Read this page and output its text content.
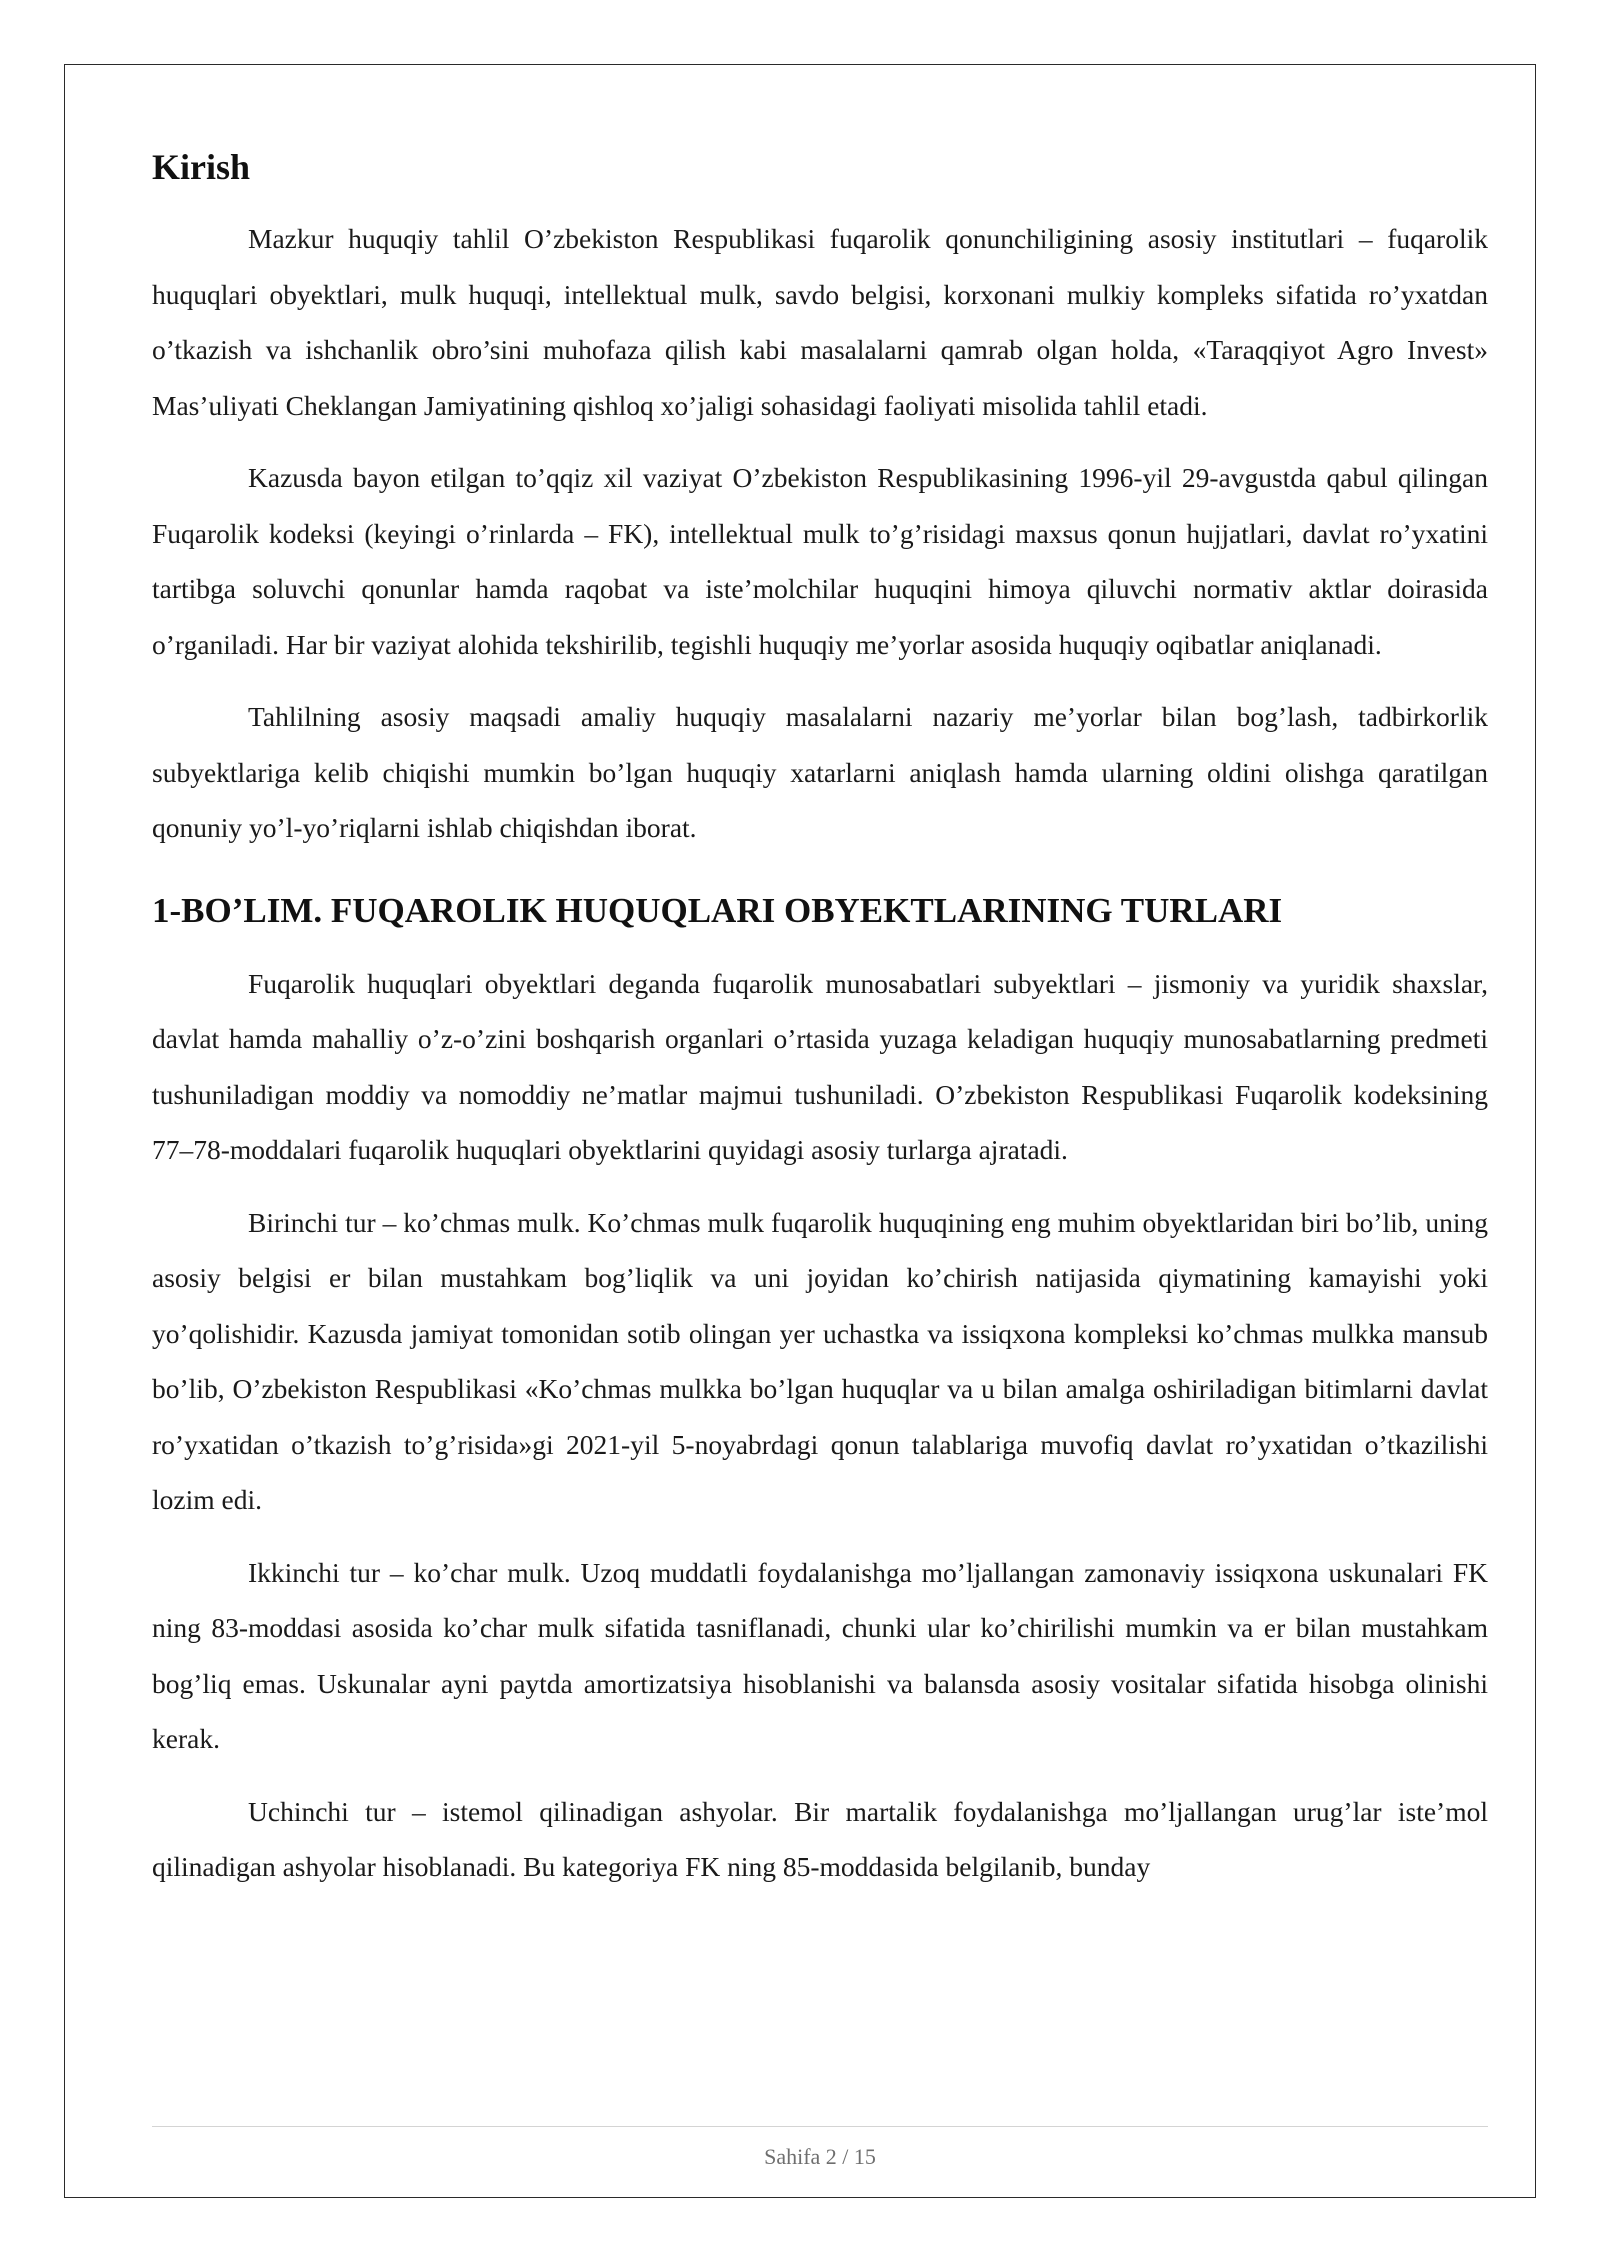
Kirish

Mazkur huquqiy tahlil O’zbekiston Respublikasi fuqarolik qonunchiligining asosiy institutlari – fuqarolik huquqlari obyektlari, mulk huquqi, intellektual mulk, savdo belgisi, korxonani mulkiy kompleks sifatida ro’yxatdan o’tkazish va ishchanlik obro’sini muhofaza qilish kabi masalalarni qamrab olgan holda, «Taraqqiyot Agro Invest» Mas’uliyati Cheklangan Jamiyatining qishloq xo’jaligi sohasidagi faoliyati misolida tahlil etadi.

Kazusda bayon etilgan to’qqiz xil vaziyat O’zbekiston Respublikasining 1996-yil 29-avgustda qabul qilingan Fuqarolik kodeksi (keyingi o’rinlarda – FK), intellektual mulk to’g’risidagi maxsus qonun hujjatlari, davlat ro’yxatini tartibga soluvchi qonunlar hamda raqobat va iste’molchilar huquqini himoya qiluvchi normativ aktlar doirasida o’rganiladi. Har bir vaziyat alohida tekshirilib, tegishli huquqiy me’yorlar asosida huquqiy oqibatlar aniqlanadi.

Tahlilning asosiy maqsadi amaliy huquqiy masalalarni nazariy me’yorlar bilan bog’lash, tadbirkorlik subyektlariga kelib chiqishi mumkin bo’lgan huquqiy xatarlarni aniqlash hamda ularning oldini olishga qaratilgan qonuniy yo’l-yo’riqlarni ishlab chiqishdan iborat.

1-BO’LIM. FUQAROLIK HUQUQLARI OBYEKTLARINING TURLARI

Fuqarolik huquqlari obyektlari deganda fuqarolik munosabatlari subyektlari – jismoniy va yuridik shaxslar, davlat hamda mahalliy o’z-o’zini boshqarish organlari o’rtasida yuzaga keladigan huquqiy munosabatlarning predmeti tushuniladigan moddiy va nomoddiy ne’matlar majmui tushuniladi. O’zbekiston Respublikasi Fuqarolik kodeksining 77–78-moddalari fuqarolik huquqlari obyektlarini quyidagi asosiy turlarga ajratadi.

Birinchi tur – ko’chmas mulk. Ko’chmas mulk fuqarolik huquqining eng muhim obyektlaridan biri bo’lib, uning asosiy belgisi er bilan mustahkam bog’liqlik va uni joyidan ko’chirish natijasida qiymatining kamayishi yoki yo’qolishidir. Kazusda jamiyat tomonidan sotib olingan yer uchastka va issiqxona kompleksi ko’chmas mulkka mansub bo’lib, O’zbekiston Respublikasi «Ko’chmas mulkka bo’lgan huquqlar va u bilan amalga oshiriladigan bitimlarni davlat ro’yxatidan o’tkazish to’g’risida»gi 2021-yil 5-noyabrdagi qonun talablariga muvofiq davlat ro’yxatidan o’tkazilishi lozim edi.

Ikkinchi tur – ko’char mulk. Uzoq muddatli foydalanishga mo’ljallangan zamonaviy issiqxona uskunalari FK ning 83-moddasi asosida ko’char mulk sifatida tasniflanadi, chunki ular ko’chirilishi mumkin va er bilan mustahkam bog’liq emas. Uskunalar ayni paytda amortizatsiya hisoblanishi va balansda asosiy vositalar sifatida hisobga olinishi kerak.

Uchinchi tur – istemol qilinadigan ashyolar. Bir martalik foydalanishga mo’ljallangan urug’lar iste’mol qilinadigan ashyolar hisoblanadi. Bu kategoriya FK ning 85-moddasida belgilanib, bunday

Sahifa 2 / 15
